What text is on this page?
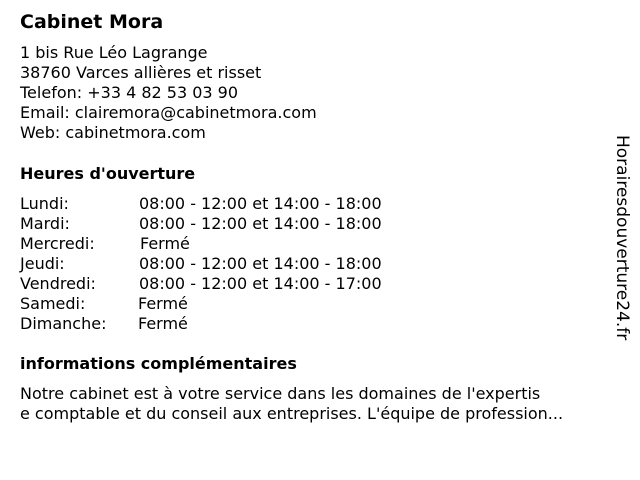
Cabinet Mora
1 bis Rue Léo Lagrange
38760 Varces allières et risset
Telefon: +33 4 82 53 03 90
Email: clairemora@cabinetmora.com
Web: cabinetmora.com
Heures d'ouverture
Lundi:	08:00 - 12:00 et 14:00 - 18:00
Mardi:	08:00 - 12:00 et 14:00 - 18:00
Mercredi:	Fermé
Jeudi:	08:00 - 12:00 et 14:00 - 18:00
Vendredi:	08:00 - 12:00 et 14:00 - 17:00
Samedi:	Fermé
Dimanche: Fermé
informations complémentaires
Notre cabinet est à votre service dans les domaines de l'expertis
e comptable et du conseil aux entreprises. L'équipe de profession...
Horairesdouverture24.fr
